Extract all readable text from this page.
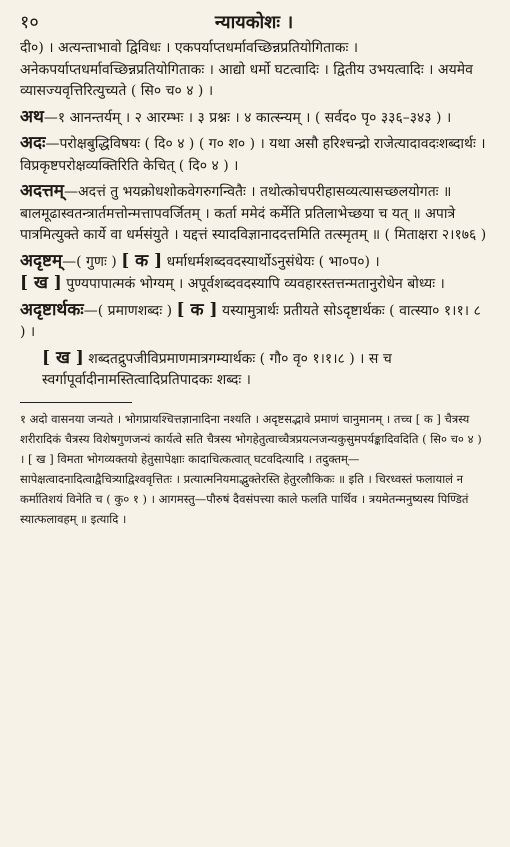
१०	न्यायकोशः ।

दी०) । अत्यन्ताभावो द्विविधः । एकपर्याप्तधर्मावच्छिन्नप्रतियोगिताकः । अनेकपर्याप्तधर्मावच्छिन्नप्रतियोगिताकः । आद्यो धर्मो घटत्वादिः । द्वितीय उभयत्वादिः । अयमेव व्यासज्यवृत्तिरित्युच्यते ( सि० च० ४ ) ।

अथ—१ आनन्तर्यम् । २ आरम्भः । ३ प्रश्नः । ४ कात्स्न्यम् । ( सर्वद० पृ० ३३६–३४३ ) ।

अदः—परोक्षबुद्धिविषयः ( दि० ४ ) ( ग० श० ) । यथा असौ हरिश्चन्द्रो राजेत्यादावदःशब्दार्थः । विप्रकृष्टपरोक्षव्यक्तिरिति केचित् ( दि० ४ ) ।

अदत्तम्—अदत्तं तु भयक्रोधशोकवेगरुगन्वितैः । तथोत्कोचपरीहासव्यत्यासच्छलयोगतः ॥ बालमूढास्वतन्त्रार्तमत्तोन्मत्तापवर्जितम् । कर्ता ममेदं कर्मेति प्रतिलाभेच्छया च यत् ॥ अपात्रे पात्रमित्युक्ते कार्ये वा धर्मसंयुते । यद्दत्तं स्यादविज्ञानाददत्तमिति तत्स्मृतम् ॥ ( मिताक्षरा २।१७६ )

अदृष्टम्—( गुणः ) [ क ] धर्माधर्मशब्दवदस्यार्थोऽनुसंधेयः ( भा०प०) ।
[ ख ] पुण्यपापात्मकं भोग्यम् । अपूर्वशब्दवदस्यापि व्यवहारस्तत्तन्मतानुरोधेन बोध्यः ।

अदृष्टार्थकः—( प्रमाणशब्दः ) [ क ] यस्यामुत्रार्थः प्रतीयते सोऽदृष्टार्थकः ( वात्स्या० १।१। ८ ) ।

[ ख ] शब्दतद्रुपजीविप्रमाणमात्रगम्यार्थकः ( गौ० वृ० १।१।८ ) । स च स्वर्गापूर्वादीनामस्तित्वादिप्रतिपादकः शब्दः ।

१ अदो वासनया जन्यते । भोगप्रायश्चित्तज्ञानादिना नश्यति । अदृष्टसद्भावे प्रमाणं चानुमानम् । तच्च [ क ] चैत्रस्य शरीरादिकं चैत्रस्य विशेषगुणजन्यं कार्यत्वे सति चैत्रस्य भोगहेतुत्वाच्चैत्रप्रयत्नजन्यकुसुमपर्यङ्कादिवदिति ( सि० च० ४ ) । [ ख ] विमता भोगव्यक्तयो हेतुसापेक्षाः कादाचित्कत्वात् घटवदित्यादि । तदुक्तम्—सापेक्षत्वादनादित्वाद्वैचित्र्याद्विश्ववृत्तितः । प्रत्यात्मनियमाद्भुक्तेरस्ति हेतुरलौकिकः ॥ इति । चिरध्वस्तं फलायालं न कर्मातिशयं विनेति च ( कु० १ ) । आगमस्तु—पौरुषं दैवसंपत्त्या काले फलति पार्थिव । त्रयमेतन्मनुष्यस्य पिण्डितं स्यात्फलावहम् ॥ इत्यादि ।
